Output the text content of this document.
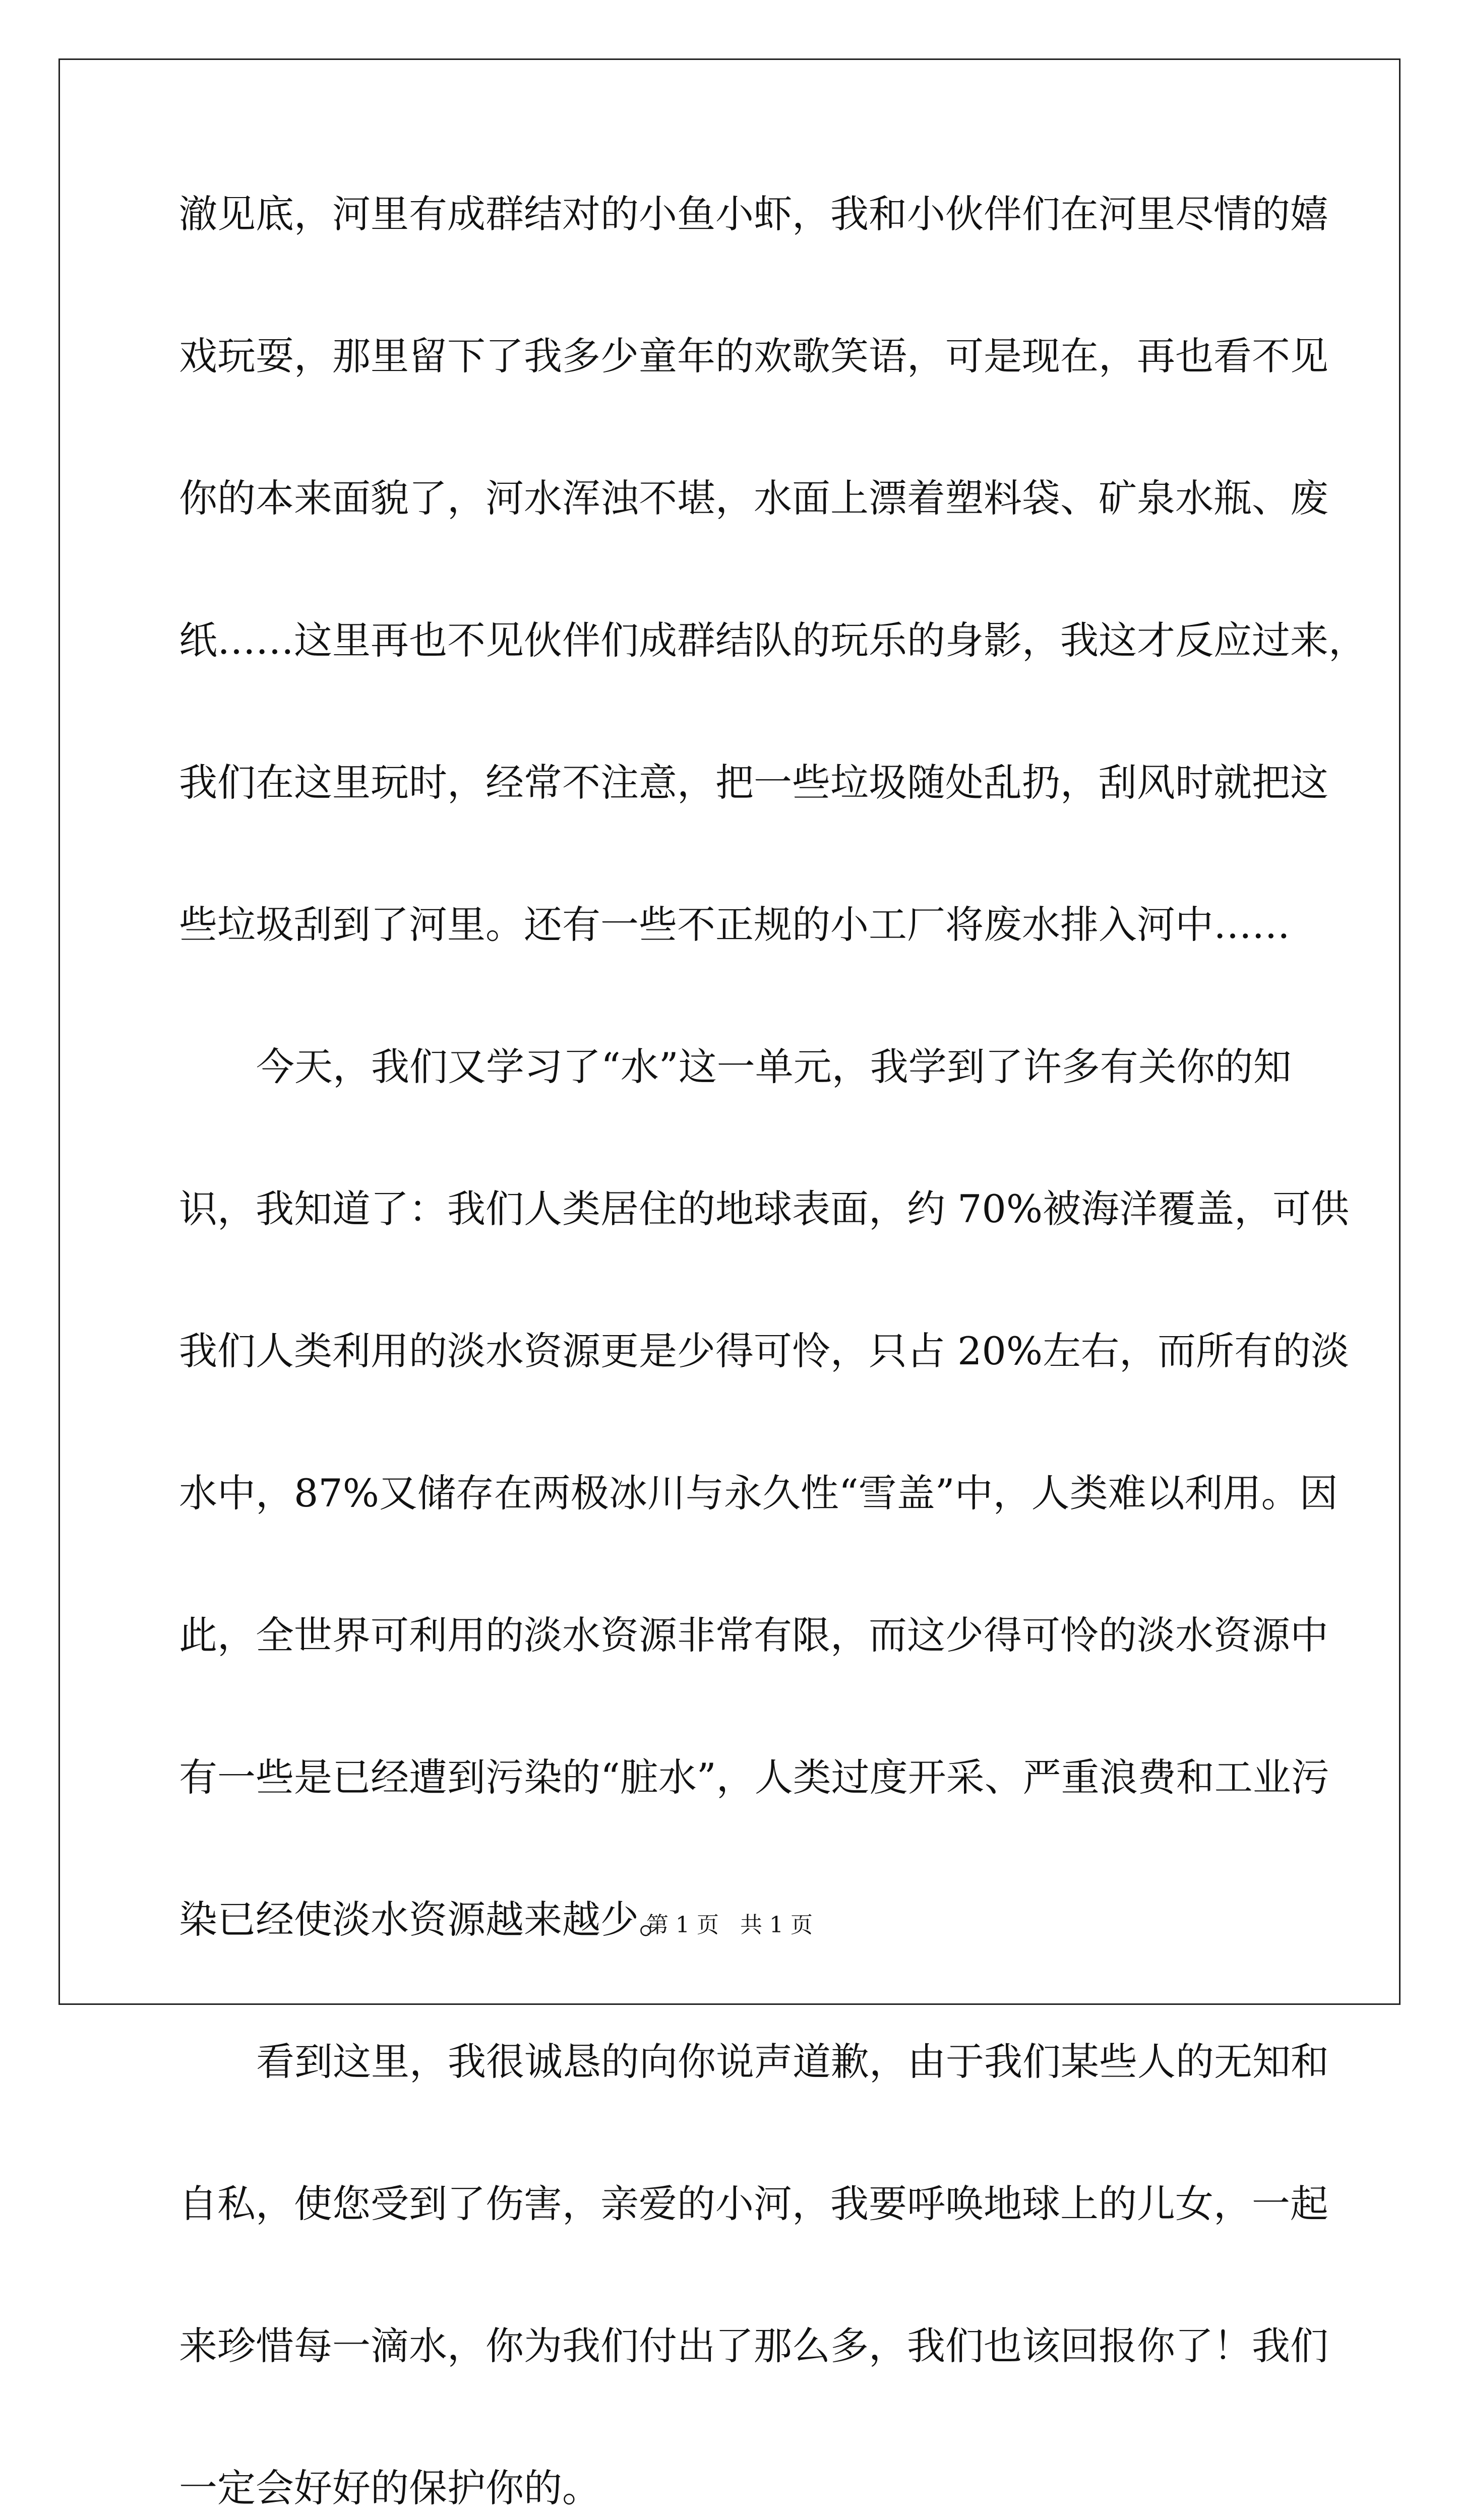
澈见底，河里有成群结对的小鱼小虾，我和小伙伴们在河里尽情的嬉
戏玩耍，那里留下了我多少童年的欢歌笑语，可是现在，再也看不见
你的本来面貌了，河水浑浊不堪，水面上漂着塑料袋、矿泉水瓶、废
纸……这里再也不见伙伴们成群结队的玩乐的身影，我这才反应过来，
我们在这里玩时，经常不注意，把一些垃圾随处乱扔，刮风时就把这
些垃圾刮到了河里。还有一些不正规的小工厂将废水排入河中……
今天，我们又学习了“水”这一单元，我学到了许多有关你的知
识，我知道了：我们人类居住的地球表面，约 70%被海洋覆盖，可供
我们人类利用的淡水资源更是少得可怜，只占 20%左右，而所有的淡
水中，87%又储存在两极冰川与永久性“雪盖”中，人类难以利用。因
此，全世界可利用的淡水资源非常有限，而这少得可怜的淡水资源中
有一些是已经遭到污染的“脏水”，人类过度开采、严重浪费和工业污
染已经使淡水资源越来越少。
看到这里，我很诚恳的向你说声道歉，由于我们某些人的无知和
自私，使您受到了伤害，亲爱的小河，我要呼唤地球上的儿女，一起
来珍惜每一滴水，你为我们付出了那么多，我们也该回报你了！我们
一定会好好的保护你的。
第 1 页   共 1 页
